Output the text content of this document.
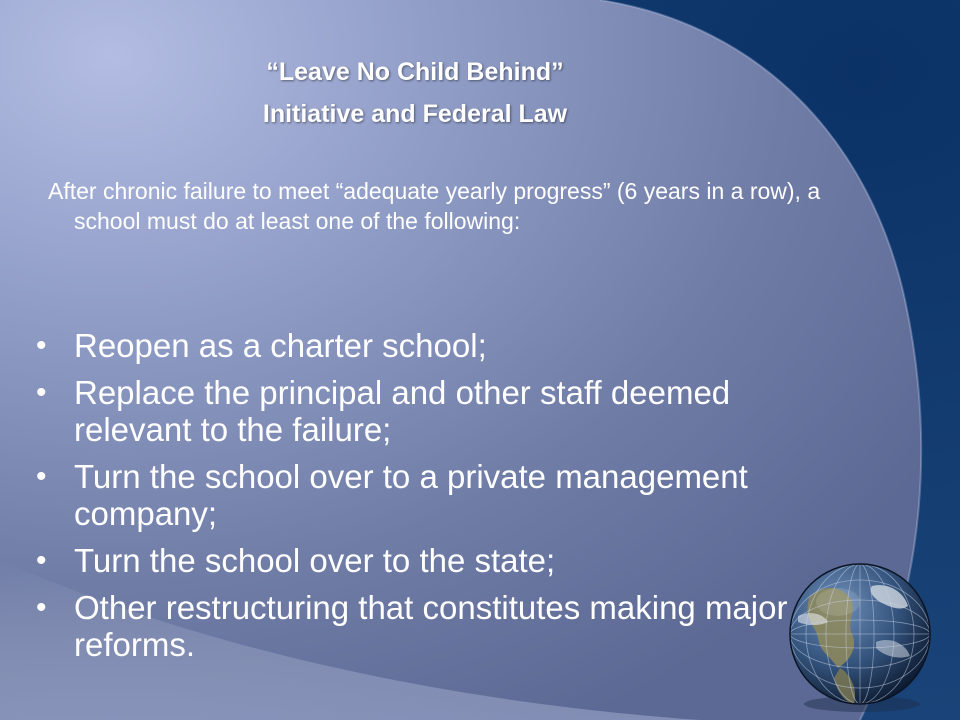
“Leave No Child Behind”
Initiative and Federal Law
After chronic failure to meet “adequate yearly progress” (6 years in a row), a school must do at least one of the following:
• Reopen as a charter school;
• Replace the principal and other staff deemed relevant to the failure;
• Turn the school over to a private management company;
• Turn the school over to the state;
• Other restructuring that constitutes making major reforms.
